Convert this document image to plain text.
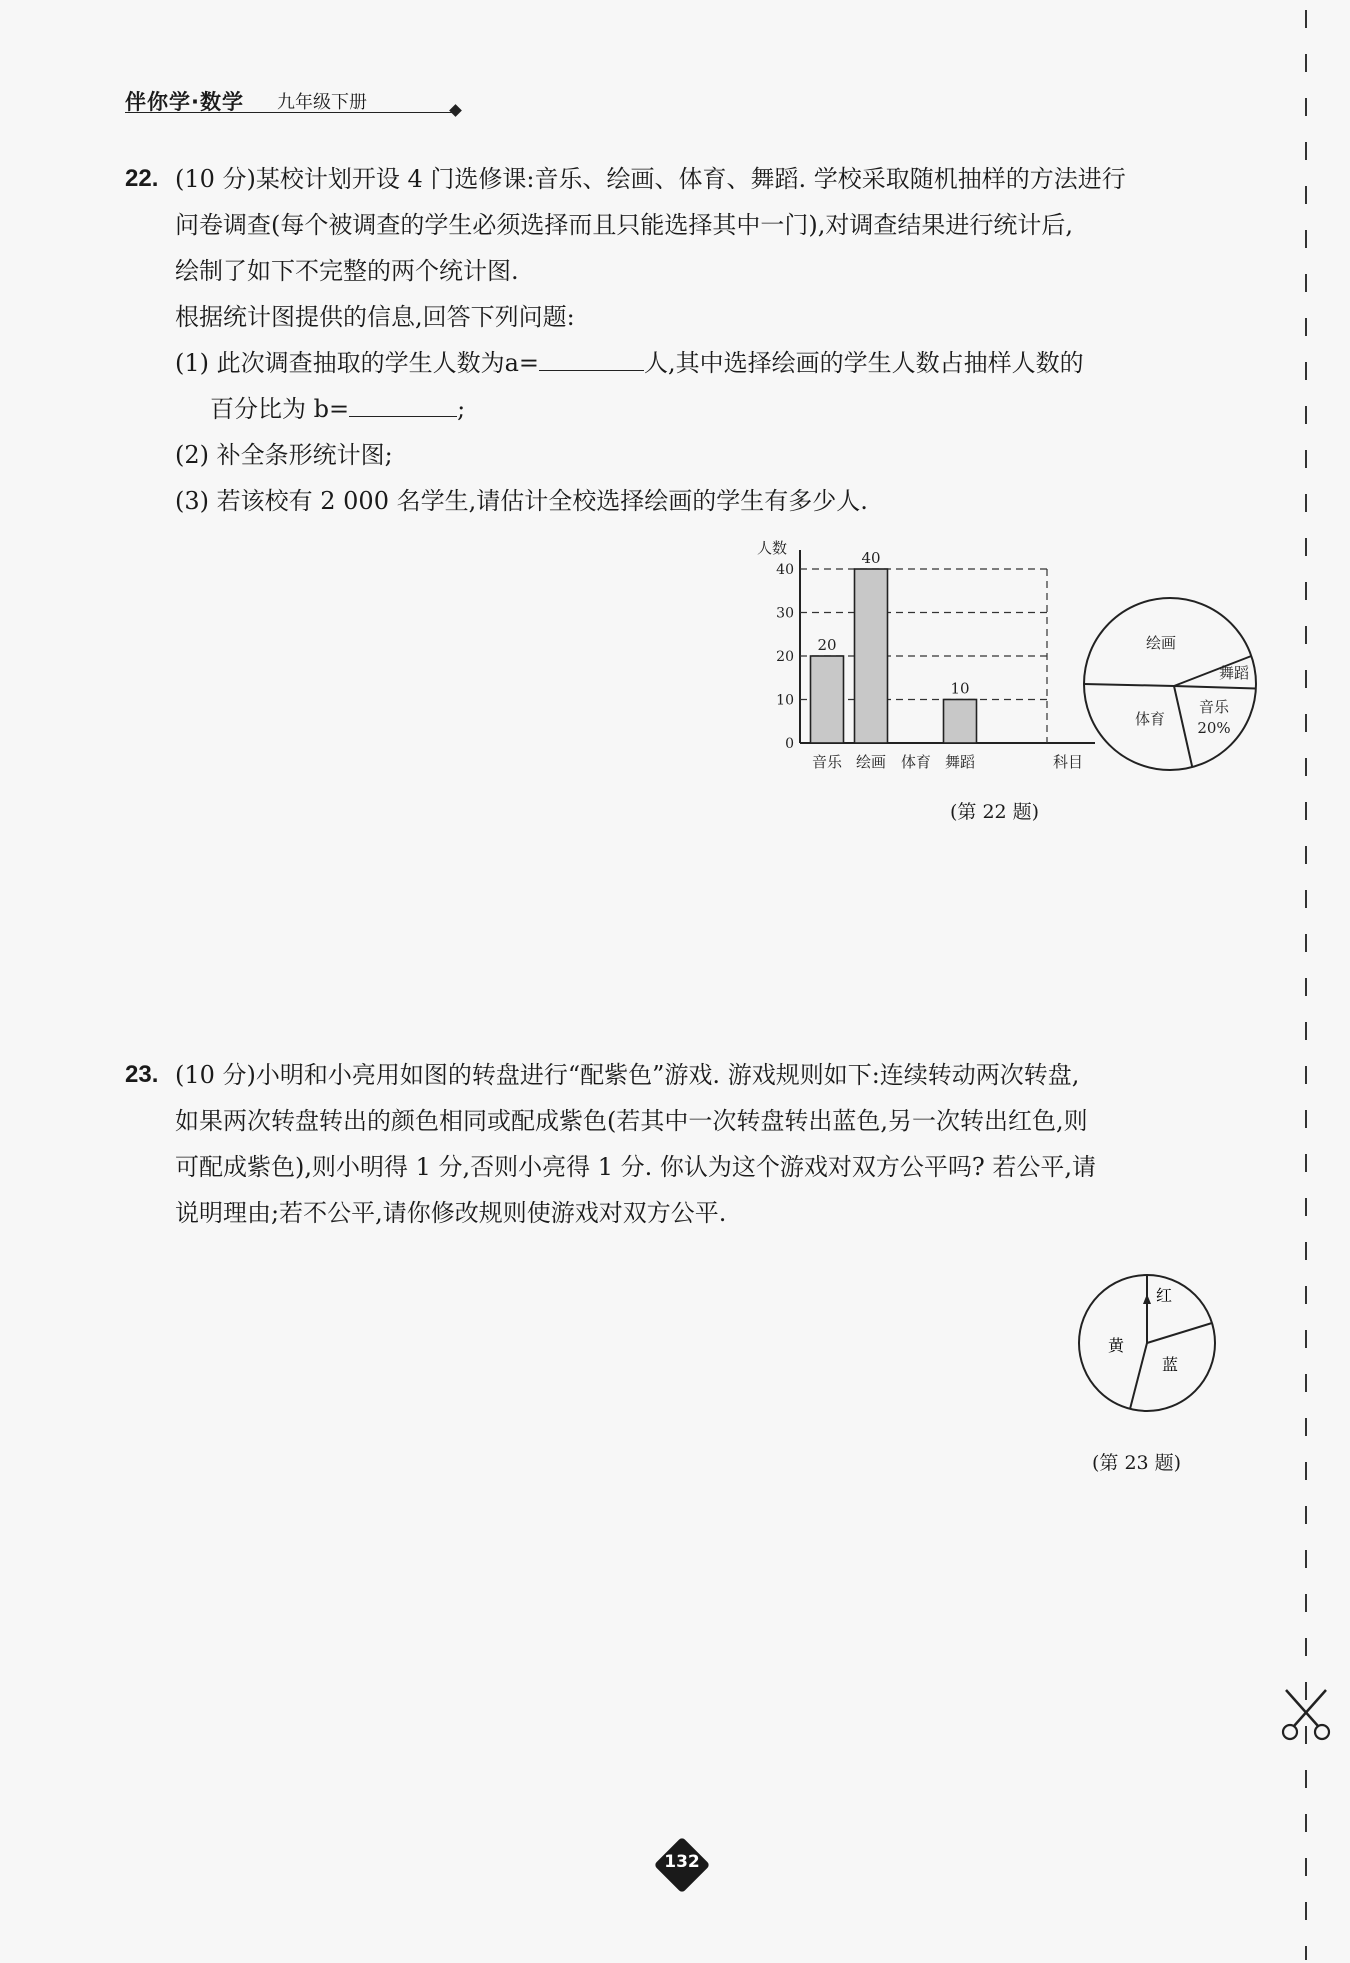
伴你学·数学 九年级下册
22. (10 分)某校计划开设 4 门选修课:音乐、绘画、体育、舞蹈. 学校采取随机抽样的方法进行
问卷调查(每个被调查的学生必须选择而且只能选择其中一门),对调查结果进行统计后,
绘制了如下不完整的两个统计图.
根据统计图提供的信息,回答下列问题:
(1) 此次调查抽取的学生人数为a=	人,其中选择绘画的学生人数占抽样人数的
百分比为 b=	;
(2) 补全条形统计图;
(3) 若该校有 2 000 名学生,请估计全校选择绘画的学生有多少人.
人数
科目
0
10
20
30
40
音乐
20
绘画
40
体育 舞蹈
10
绘画
舞蹈
音乐
20%
体育
(第 22 题)
23. (10 分)小明和小亮用如图的转盘进行“配紫色”游戏. 游戏规则如下:连续转动两次转盘,
如果两次转盘转出的颜色相同或配成紫色(若其中一次转盘转出蓝色,另一次转出红色,则
可配成紫色),则小明得 1 分,否则小亮得 1 分. 你认为这个游戏对双方公平吗? 若公平,请
说明理由;若不公平,请你修改规则使游戏对双方公平.
红
黄
蓝
(第 23 题)
132
